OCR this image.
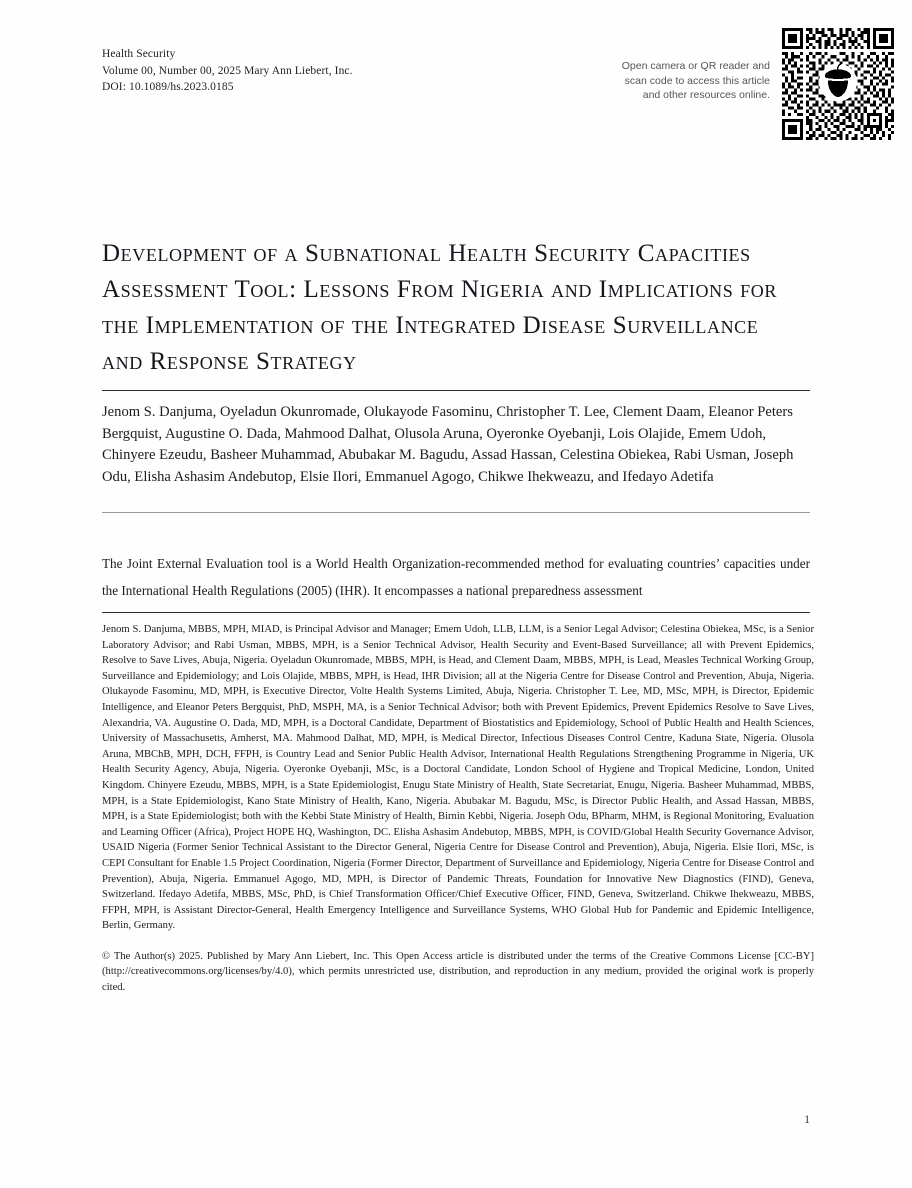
Health Security
Volume 00, Number 00, 2025 Mary Ann Liebert, Inc.
DOI: 10.1089/hs.2023.0185
Open camera or QR reader and
scan code to access this article
and other resources online.
Development of a Subnational Health Security Capacities Assessment Tool: Lessons From Nigeria and Implications for the Implementation of the Integrated Disease Surveillance and Response Strategy
Jenom S. Danjuma, Oyeladun Okunromade, Olukayode Fasominu, Christopher T. Lee, Clement Daam, Eleanor Peters Bergquist, Augustine O. Dada, Mahmood Dalhat, Olusola Aruna, Oyeronke Oyebanji, Lois Olajide, Emem Udoh, Chinyere Ezeudu, Basheer Muhammad, Abubakar M. Bagudu, Assad Hassan, Celestina Obiekea, Rabi Usman, Joseph Odu, Elisha Ashasim Andebutop, Elsie Ilori, Emmanuel Agogo, Chikwe Ihekweazu, and Ifedayo Adetifa
The Joint External Evaluation tool is a World Health Organization-recommended method for evaluating countries’ capacities under the International Health Regulations (2005) (IHR). It encompasses a national preparedness assessment

Jenom S. Danjuma, MBBS, MPH, MIAD, is Principal Advisor and Manager; Emem Udoh, LLB, LLM, is a Senior Legal Advisor; Celestina Obiekea, MSc, is a Senior Laboratory Advisor; and Rabi Usman, MBBS, MPH, is a Senior Technical Advisor, Health Security and Event-Based Surveillance; all with Prevent Epidemics, Resolve to Save Lives, Abuja, Nigeria. Oyeladun Okunromade, MBBS, MPH, is Head, and Clement Daam, MBBS, MPH, is Lead, Measles Technical Working Group, Surveillance and Epidemiology; and Lois Olajide, MBBS, MPH, is Head, IHR Division; all at the Nigeria Centre for Disease Control and Prevention, Abuja, Nigeria. Olukayode Fasominu, MD, MPH, is Executive Director, Volte Health Systems Limited, Abuja, Nigeria. Christopher T. Lee, MD, MSc, MPH, is Director, Epidemic Intelligence, and Eleanor Peters Bergquist, PhD, MSPH, MA, is a Senior Technical Advisor; both with Prevent Epidemics, Prevent Epidemics Resolve to Save Lives, Alexandria, VA. Augustine O. Dada, MD, MPH, is a Doctoral Candidate, Department of Biostatistics and Epidemiology, School of Public Health and Health Sciences, University of Massachusetts, Amherst, MA. Mahmood Dalhat, MD, MPH, is Medical Director, Infectious Diseases Control Centre, Kaduna State, Nigeria. Olusola Aruna, MBChB, MPH, DCH, FFPH, is Country Lead and Senior Public Health Advisor, International Health Regulations Strengthening Programme in Nigeria, UK Health Security Agency, Abuja, Nigeria. Oyeronke Oyebanji, MSc, is a Doctoral Candidate, London School of Hygiene and Tropical Medicine, London, United Kingdom. Chinyere Ezeudu, MBBS, MPH, is a State Epidemiologist, Enugu State Ministry of Health, State Secretariat, Enugu, Nigeria. Basheer Muhammad, MBBS, MPH, is a State Epidemiologist, Kano State Ministry of Health, Kano, Nigeria. Abubakar M. Bagudu, MSc, is Director Public Health, and Assad Hassan, MBBS, MPH, is a State Epidemiologist; both with the Kebbi State Ministry of Health, Birnin Kebbi, Nigeria. Joseph Odu, BPharm, MHM, is Regional Monitoring, Evaluation and Learning Officer (Africa), Project HOPE HQ, Washington, DC. Elisha Ashasim Andebutop, MBBS, MPH, is COVID/Global Health Security Governance Advisor, USAID Nigeria (Former Senior Technical Assistant to the Director General, Nigeria Centre for Disease Control and Prevention), Abuja, Nigeria. Elsie Ilori, MSc, is CEPI Consultant for Enable 1.5 Project Coordination, Nigeria (Former Director, Department of Surveillance and Epidemiology, Nigeria Centre for Disease Control and Prevention), Abuja, Nigeria. Emmanuel Agogo, MD, MPH, is Director of Pandemic Threats, Foundation for Innovative New Diagnostics (FIND), Geneva, Switzerland. Ifedayo Adetifa, MBBS, MSc, PhD, is Chief Transformation Officer/Chief Executive Officer, FIND, Geneva, Switzerland. Chikwe Ihekweazu, MBBS, FFPH, MPH, is Assistant Director-General, Health Emergency Intelligence and Surveillance Systems, WHO Global Hub for Pandemic and Epidemic Intelligence, Berlin, Germany.

© The Author(s) 2025. Published by Mary Ann Liebert, Inc. This Open Access article is distributed under the terms of the Creative Commons License [CC-BY] (http://creativecommons.org/licenses/by/4.0), which permits unrestricted use, distribution, and reproduction in any medium, provided the original work is properly cited.

1
